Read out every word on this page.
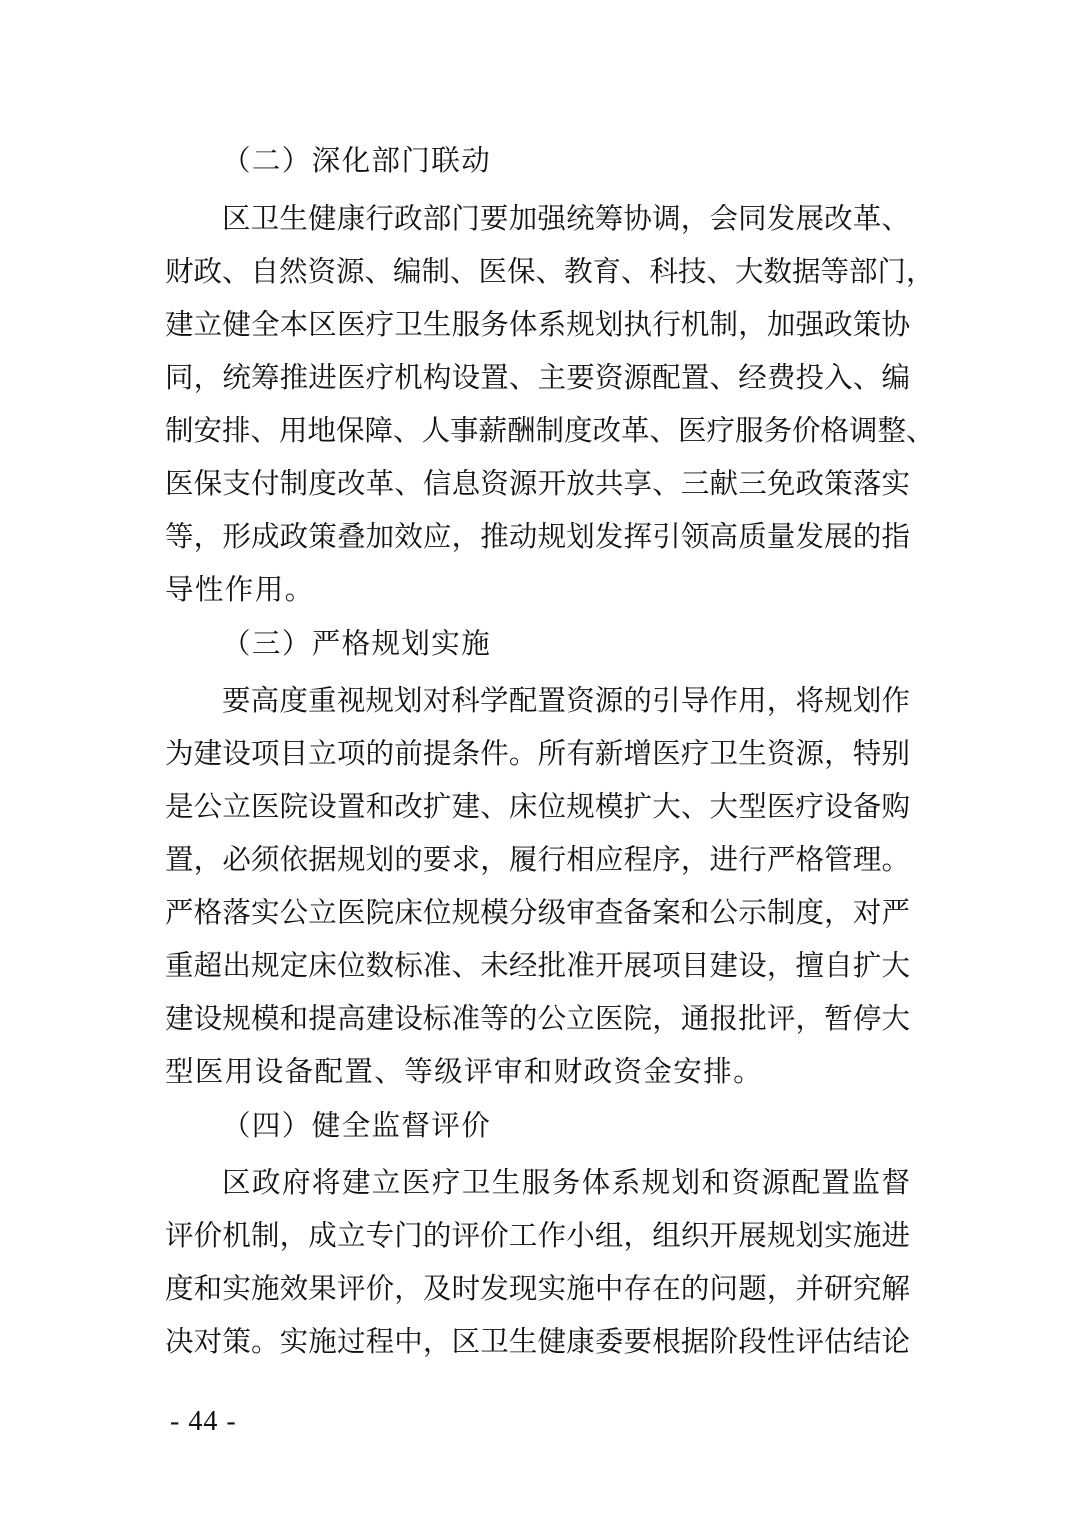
（二）深化部门联动
区卫生健康行政部门要加强统筹协调，会同发展改革、
财政、自然资源、编制、医保、教育、科技、大数据等部门，
建立健全本区医疗卫生服务体系规划执行机制，加强政策协
同，统筹推进医疗机构设置、主要资源配置、经费投入、编
制安排、用地保障、人事薪酬制度改革、医疗服务价格调整、
医保支付制度改革、信息资源开放共享、三献三免政策落实
等，形成政策叠加效应，推动规划发挥引领高质量发展的指
导性作用。
（三）严格规划实施
要高度重视规划对科学配置资源的引导作用，将规划作
为建设项目立项的前提条件。所有新增医疗卫生资源，特别
是公立医院设置和改扩建、床位规模扩大、大型医疗设备购
置，必须依据规划的要求，履行相应程序，进行严格管理。
严格落实公立医院床位规模分级审查备案和公示制度，对严
重超出规定床位数标准、未经批准开展项目建设，擅自扩大
建设规模和提高建设标准等的公立医院，通报批评，暂停大
型医用设备配置、等级评审和财政资金安排。
（四）健全监督评价
区政府将建立医疗卫生服务体系规划和资源配置监督
评价机制，成立专门的评价工作小组，组织开展规划实施进
度和实施效果评价，及时发现实施中存在的问题，并研究解
决对策。实施过程中，区卫生健康委要根据阶段性评估结论
- 44 -
